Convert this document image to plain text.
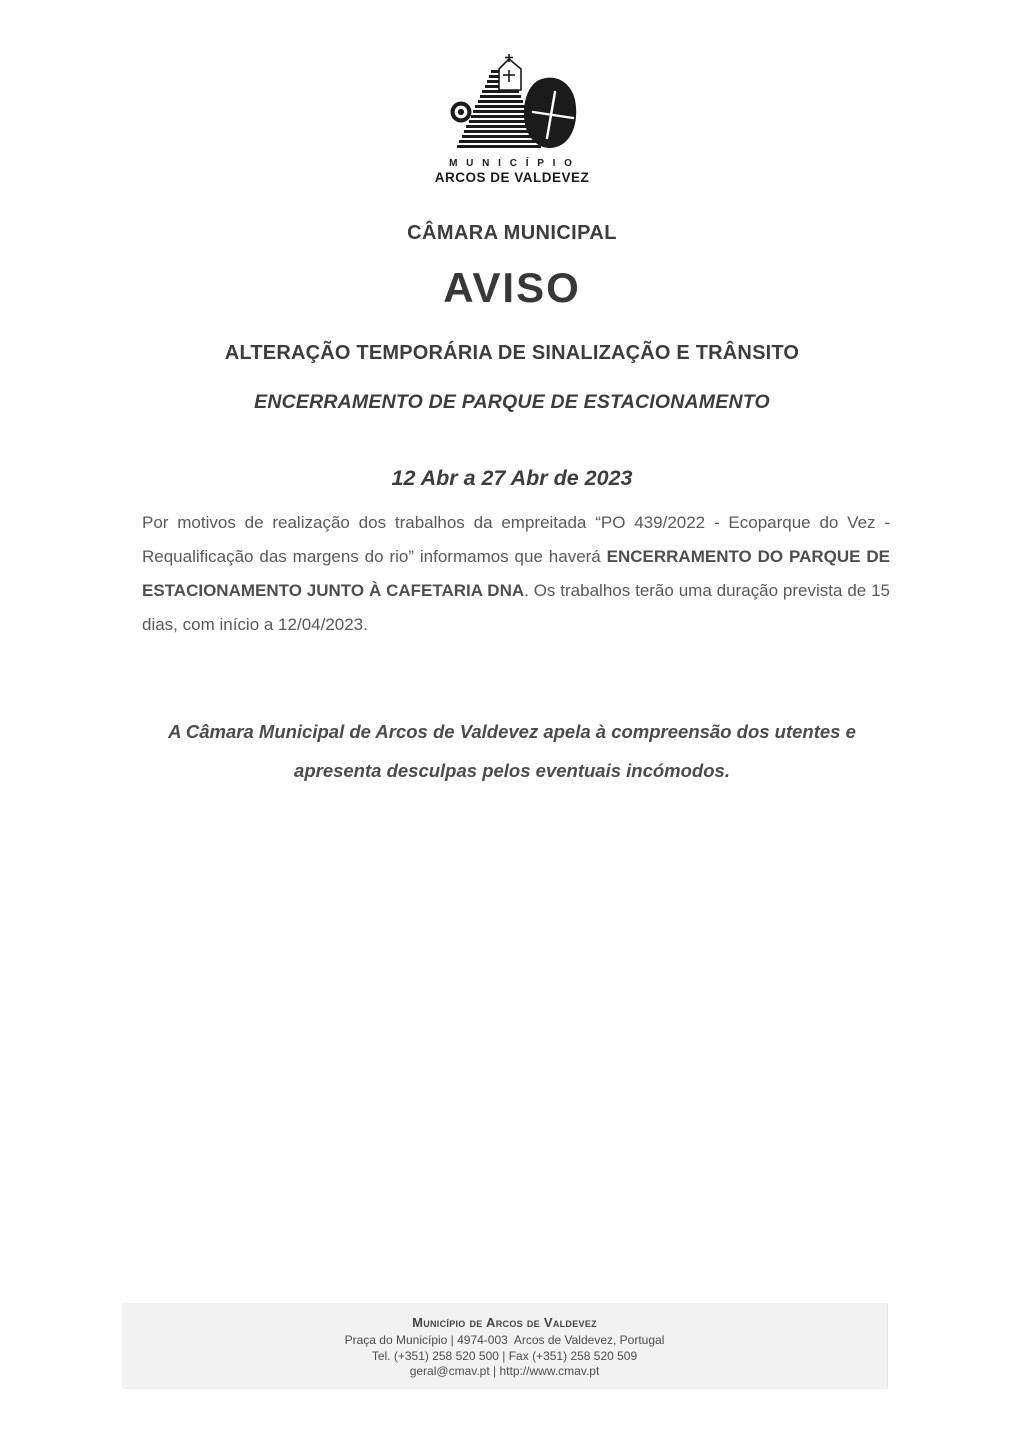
M U N I C Í P I O
ARCOS DE VALDEVEZ
CÂMARA MUNICIPAL
AVISO
ALTERAÇÃO TEMPORÁRIA DE SINALIZAÇÃO E TRÂNSITO
ENCERRAMENTO DE PARQUE DE ESTACIONAMENTO
12 Abr a 27 Abr de 2023

Por motivos de realização dos trabalhos da empreitada “PO 439/2022 - Ecoparque do Vez - Requalificação das margens do rio” informamos que haverá ENCERRAMENTO DO PARQUE DE ESTACIONAMENTO JUNTO À CAFETARIA DNA. Os trabalhos terão uma duração prevista de 15 dias, com início a 12/04/2023.

A Câmara Municipal de Arcos de Valdevez apela à compreensão dos utentes e
apresenta desculpas pelos eventuais incómodos.
Município de Arcos de Valdevez
Praça do Município | 4974-003  Arcos de Valdevez, Portugal
Tel. (+351) 258 520 500 | Fax (+351) 258 520 509
geral@cmav.pt | http://www.cmav.pt
